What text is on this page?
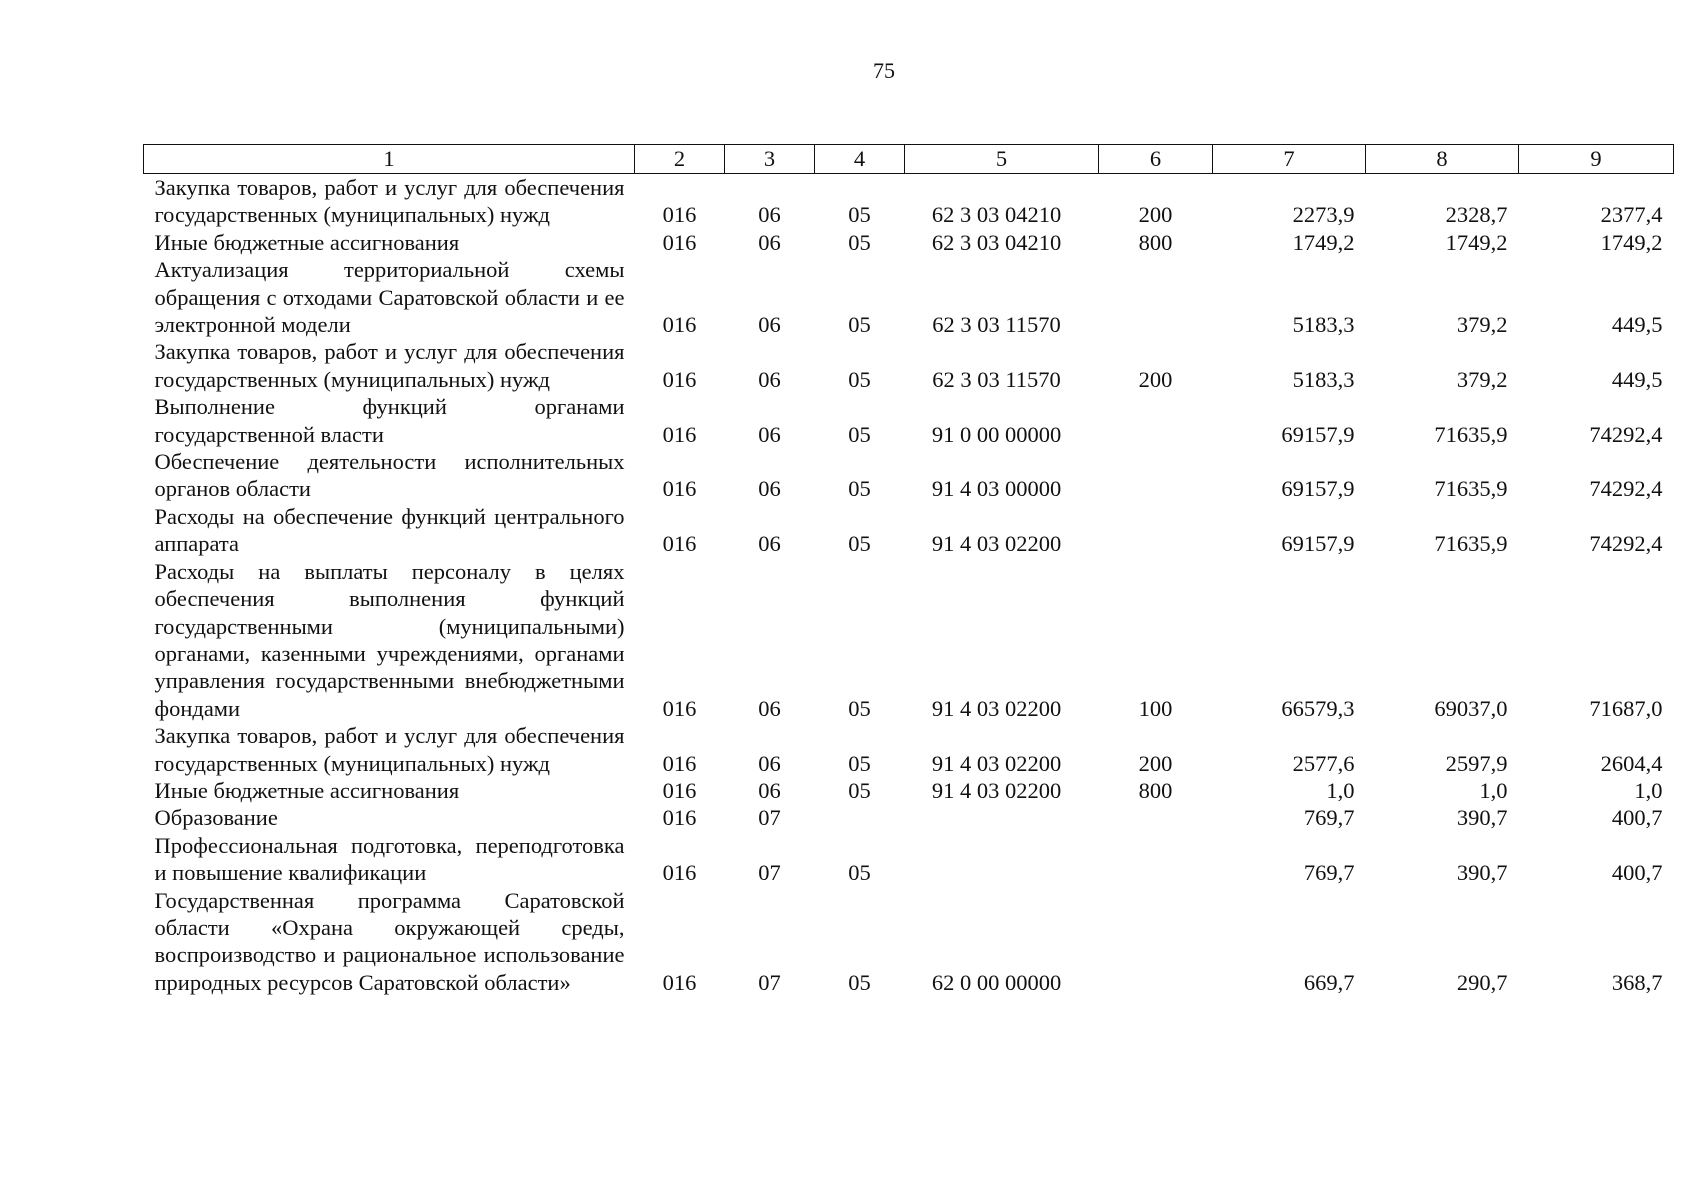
75
1	2	3	4	5	6	7	8	9
Закупка товаров, работ и услуг для обеспечения государственных (муниципальных) нужд	016	06	05	62 3 03 04210	200	2273,9	2328,7	2377,4
Иные бюджетные ассигнования	016	06	05	62 3 03 04210	800	1749,2	1749,2	1749,2
Актуализация территориальной схемы обращения с отходами Саратовской области и ее электронной модели	016	06	05	62 3 03 11570		5183,3	379,2	449,5
Закупка товаров, работ и услуг для обеспечения государственных (муниципальных) нужд	016	06	05	62 3 03 11570	200	5183,3	379,2	449,5
Выполнение функций органами государственной власти	016	06	05	91 0 00 00000		69157,9	71635,9	74292,4
Обеспечение деятельности исполнительных органов области	016	06	05	91 4 03 00000		69157,9	71635,9	74292,4
Расходы на обеспечение функций центрального аппарата	016	06	05	91 4 03 02200		69157,9	71635,9	74292,4
Расходы на выплаты персоналу в целях обеспечения выполнения функций государственными (муниципальными) органами, казенными учреждениями, органами управления государственными внебюджетными фондами	016	06	05	91 4 03 02200	100	66579,3	69037,0	71687,0
Закупка товаров, работ и услуг для обеспечения государственных (муниципальных) нужд	016	06	05	91 4 03 02200	200	2577,6	2597,9	2604,4
Иные бюджетные ассигнования	016	06	05	91 4 03 02200	800	1,0	1,0	1,0
Образование	016	07				769,7	390,7	400,7
Профессиональная подготовка, переподготовка и повышение квалификации	016	07	05			769,7	390,7	400,7
Государственная программа Саратовской области «Охрана окружающей среды, воспроизводство и рациональное использование природных ресурсов Саратовской области»	016	07	05	62 0 00 00000		669,7	290,7	368,7
